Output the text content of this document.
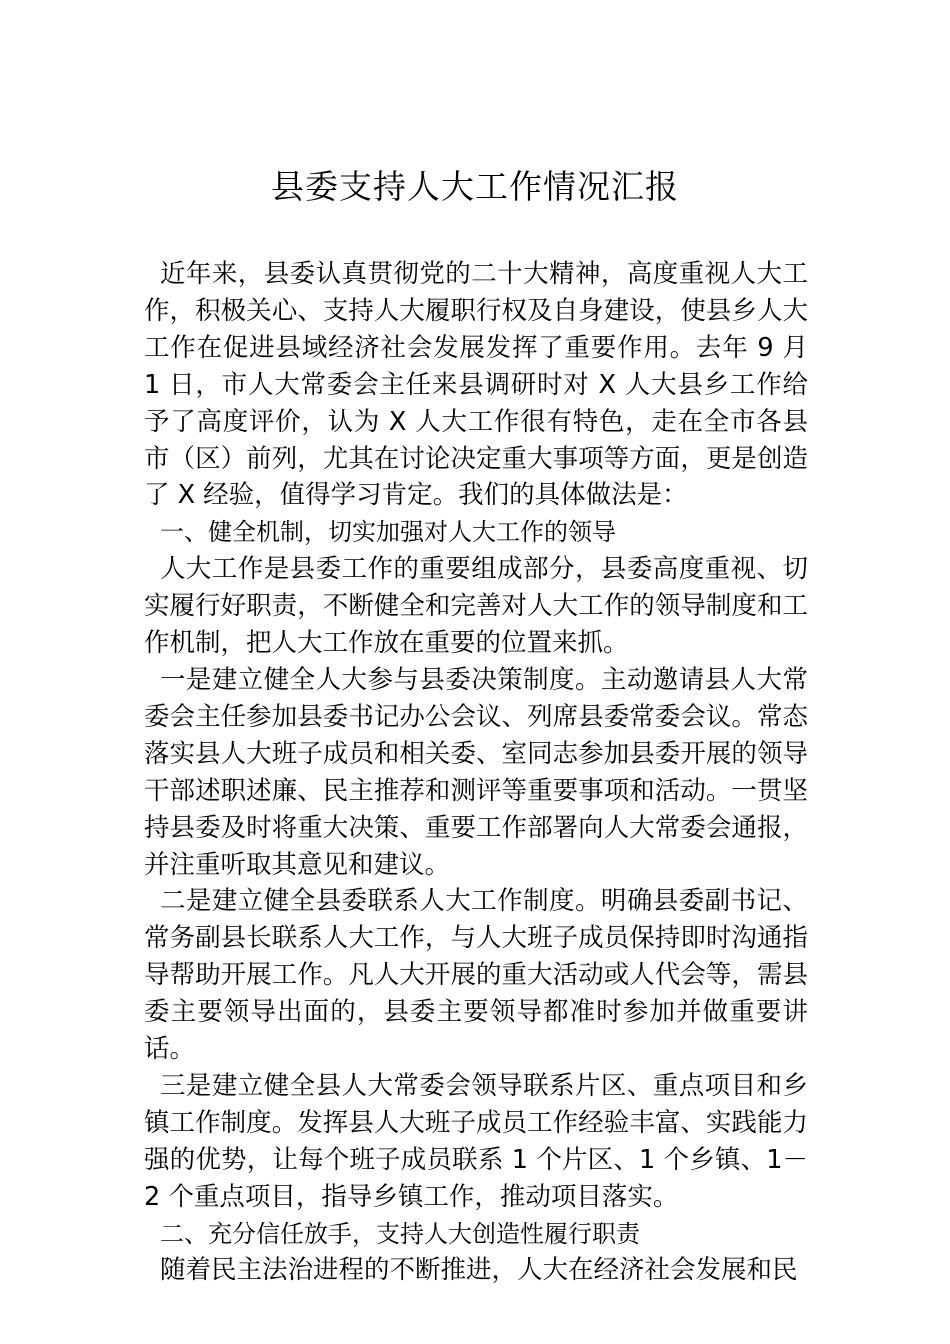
县委支持人大工作情况汇报

近年来，县委认真贯彻党的二十大精神，高度重视人大工作，积极关心、支持人大履职行权及自身建设，使县乡人大工作在促进县域经济社会发展发挥了重要作用。去年 9 月 1 日，市人大常委会主任来县调研时对 X 人大县乡工作给予了高度评价，认为 X 人大工作很有特色，走在全市各县市（区）前列，尤其在讨论决定重大事项等方面，更是创造了 X 经验，值得学习肯定。我们的具体做法是：

一、健全机制，切实加强对人大工作的领导

人大工作是县委工作的重要组成部分，县委高度重视、切实履行好职责，不断健全和完善对人大工作的领导制度和工作机制，把人大工作放在重要的位置来抓。

一是建立健全人大参与县委决策制度。主动邀请县人大常委会主任参加县委书记办公会议、列席县委常委会议。常态落实县人大班子成员和相关委、室同志参加县委开展的领导干部述职述廉、民主推荐和测评等重要事项和活动。一贯坚持县委及时将重大决策、重要工作部署向人大常委会通报，并注重听取其意见和建议。

二是建立健全县委联系人大工作制度。明确县委副书记、常务副县长联系人大工作，与人大班子成员保持即时沟通指导帮助开展工作。凡人大开展的重大活动或人代会等，需县委主要领导出面的，县委主要领导都准时参加并做重要讲话。

三是建立健全县人大常委会领导联系片区、重点项目和乡镇工作制度。发挥县人大班子成员工作经验丰富、实践能力强的优势，让每个班子成员联系 1 个片区、1 个乡镇、1－2 个重点项目，指导乡镇工作，推动项目落实。

二、充分信任放手，支持人大创造性履行职责

随着民主法治进程的不断推进，人大在经济社会发展和民
